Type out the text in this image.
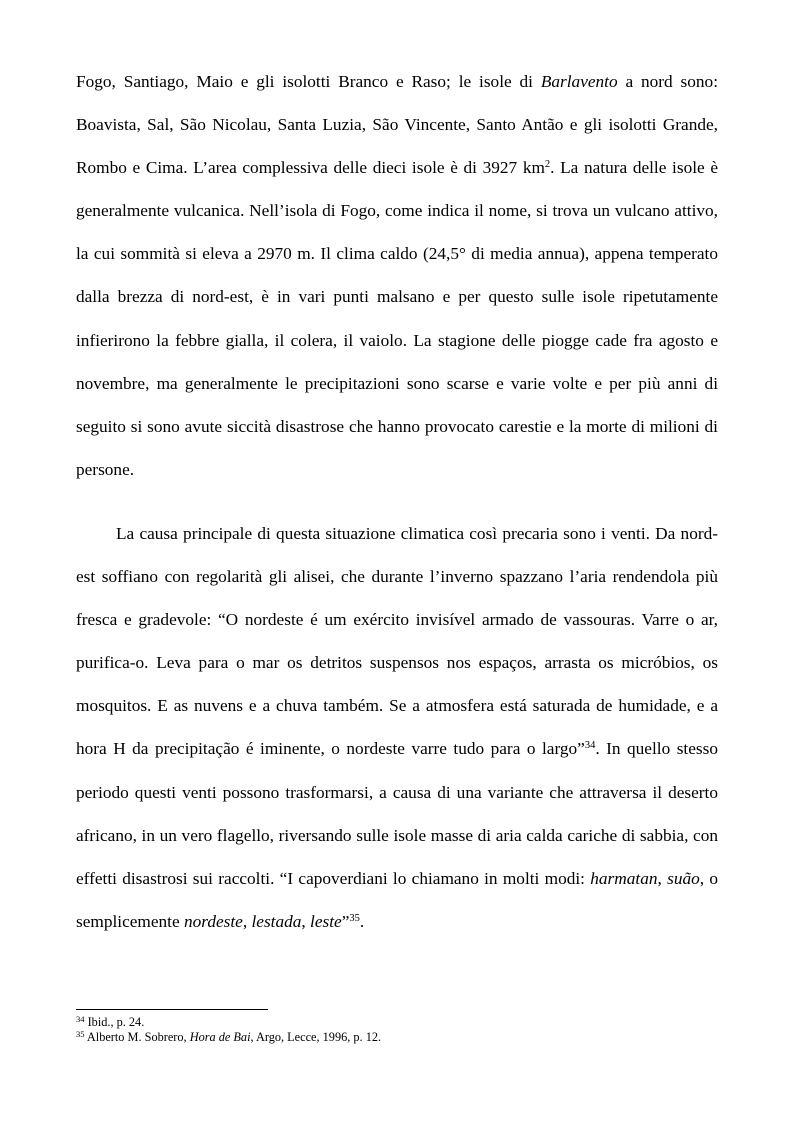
Fogo, Santiago, Maio e gli isolotti Branco e Raso; le isole di Barlavento a nord sono: Boavista, Sal, São Nicolau, Santa Luzia, São Vincente, Santo Antão e gli isolotti Grande, Rombo e Cima. L’area complessiva delle dieci isole è di 3927 $km^2$. La natura delle isole è generalmente vulcanica. Nell’isola di Fogo, come indica il nome, si trova un vulcano attivo, la cui sommità si eleva a 2970 m. Il clima caldo (24,5° di media annua), appena temperato dalla brezza di nord-est, è in vari punti malsano e per questo sulle isole ripetutamente infierirono la febbre gialla, il colera, il vaiolo. La stagione delle piogge cade fra agosto e novembre, ma generalmente le precipitazioni sono scarse e varie volte e per più anni di seguito si sono avute siccità disastrose che hanno provocato carestie e la morte di milioni di persone.

La causa principale di questa situazione climatica così precaria sono i venti. Da nord-est soffiano con regolarità gli alisei, che durante l’inverno spazzano l’aria rendendola più fresca e gradevole: “O nordeste é um exército invisível armado de vassouras. Varre o ar, purifica-o. Leva para o mar os detritos suspensos nos espaços, arrasta os micróbios, os mosquitos. E as nuvens e a chuva também. Se a atmosfera está saturada de humidade, e a hora H da precipitação é iminente, o nordeste varre tudo para o largo”$^{34}$. In quello stesso periodo questi venti possono trasformarsi, a causa di una variante che attraversa il deserto africano, in un vero flagello, riversando sulle isole masse di aria calda cariche di sabbia, con effetti disastrosi sui raccolti. “I capoverdiani lo chiamano in molti modi: harmatan, suão, o semplicemente nordeste, lestada, leste”$^{35}$.

$^{34}$ Ibid., p. 24.

$^{35}$ Alberto M. Sobrero, Hora de Bai, Argo, Lecce, 1996, p. 12.
